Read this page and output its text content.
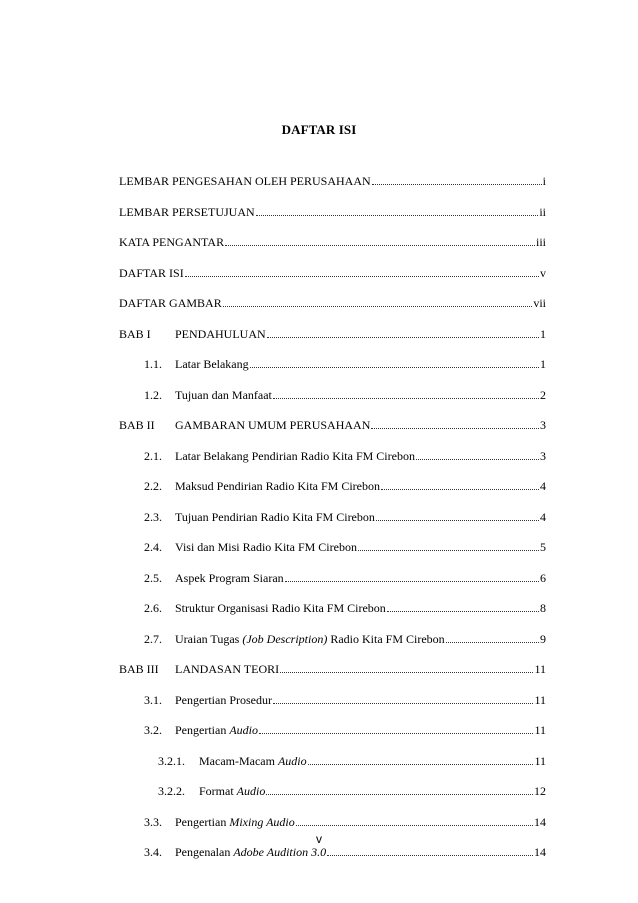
DAFTAR ISI
LEMBAR PENGESAHAN OLEH PERUSAHAAN	i
LEMBAR PERSETUJUAN	ii
KATA PENGANTAR	iii
DAFTAR ISI	v
DAFTAR GAMBAR	vii
BAB I	PENDAHULUAN	1
1.1.	Latar Belakang	1
1.2.	Tujuan dan Manfaat	2
BAB II	GAMBARAN UMUM PERUSAHAAN	3
2.1.	Latar Belakang Pendirian Radio Kita FM Cirebon	3
2.2.	Maksud Pendirian Radio Kita FM Cirebon	4
2.3.	Tujuan Pendirian Radio Kita FM Cirebon	4
2.4.	Visi dan Misi Radio Kita FM Cirebon	5
2.5.	Aspek Program Siaran	6
2.6.	Struktur Organisasi Radio Kita FM Cirebon	8
2.7.	Uraian Tugas (Job Description) Radio Kita FM Cirebon	9
BAB III	LANDASAN TEORI	11
3.1.	Pengertian Prosedur	11
3.2.	Pengertian Audio	11
3.2.1.	Macam-Macam Audio	11
3.2.2.	Format Audio	12
3.3.	Pengertian Mixing Audio	14
3.4.	Pengenalan Adobe Audition 3.0	14
v
